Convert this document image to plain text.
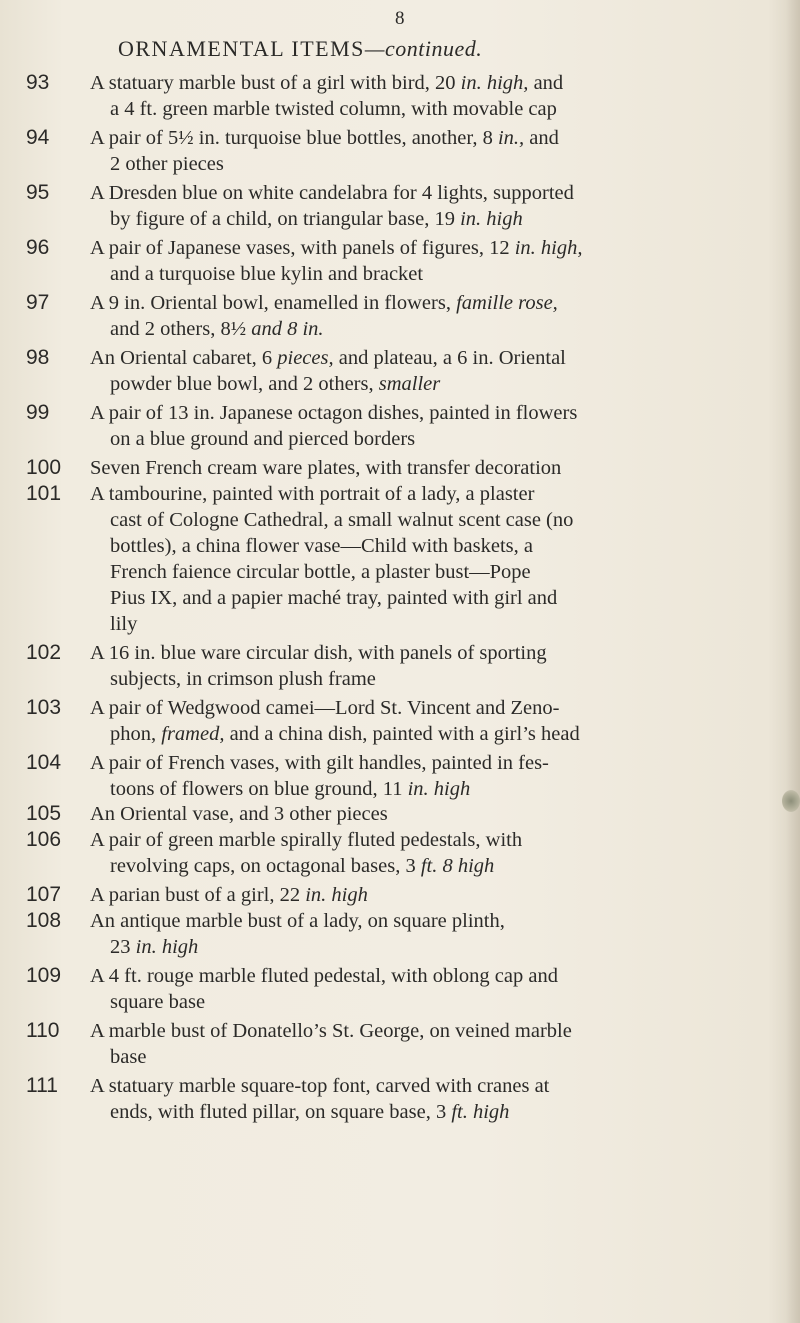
8
ORNAMENTAL ITEMS—continued.
93	A statuary marble bust of a girl with bird, 20 in. high, and
a 4 ft. green marble twisted column, with movable cap
94	A pair of 5½ in. turquoise blue bottles, another, 8 in., and
2 other pieces
95	A Dresden blue on white candelabra for 4 lights, supported
by figure of a child, on triangular base, 19 in. high
96	A pair of Japanese vases, with panels of figures, 12 in. high,
and a turquoise blue kylin and bracket
97	A 9 in. Oriental bowl, enamelled in flowers, famille rose,
and 2 others, 8½ and 8 in.
98	An Oriental cabaret, 6 pieces, and plateau, a 6 in. Oriental
powder blue bowl, and 2 others, smaller
99	A pair of 13 in. Japanese octagon dishes, painted in flowers
on a blue ground and pierced borders
100	Seven French cream ware plates, with transfer decoration
101	A tambourine, painted with portrait of a lady, a plaster
cast of Cologne Cathedral, a small walnut scent case (no
bottles), a china flower vase—Child with baskets, a
French faience circular bottle, a plaster bust—Pope
Pius IX, and a papier maché tray, painted with girl and
lily
102	A 16 in. blue ware circular dish, with panels of sporting
subjects, in crimson plush frame
103	A pair of Wedgwood camei—Lord St. Vincent and Zeno-
phon, framed, and a china dish, painted with a girl’s head
104	A pair of French vases, with gilt handles, painted in fes-
toons of flowers on blue ground, 11 in. high
105	An Oriental vase, and 3 other pieces
106	A pair of green marble spirally fluted pedestals, with
revolving caps, on octagonal bases, 3 ft. 8 high
107	A parian bust of a girl, 22 in. high
108	An antique marble bust of a lady, on square plinth,
23 in. high
109	A 4 ft. rouge marble fluted pedestal, with oblong cap and
square base
110	A marble bust of Donatello’s St. George, on veined marble
base
111	A statuary marble square-top font, carved with cranes at
ends, with fluted pillar, on square base, 3 ft. high
